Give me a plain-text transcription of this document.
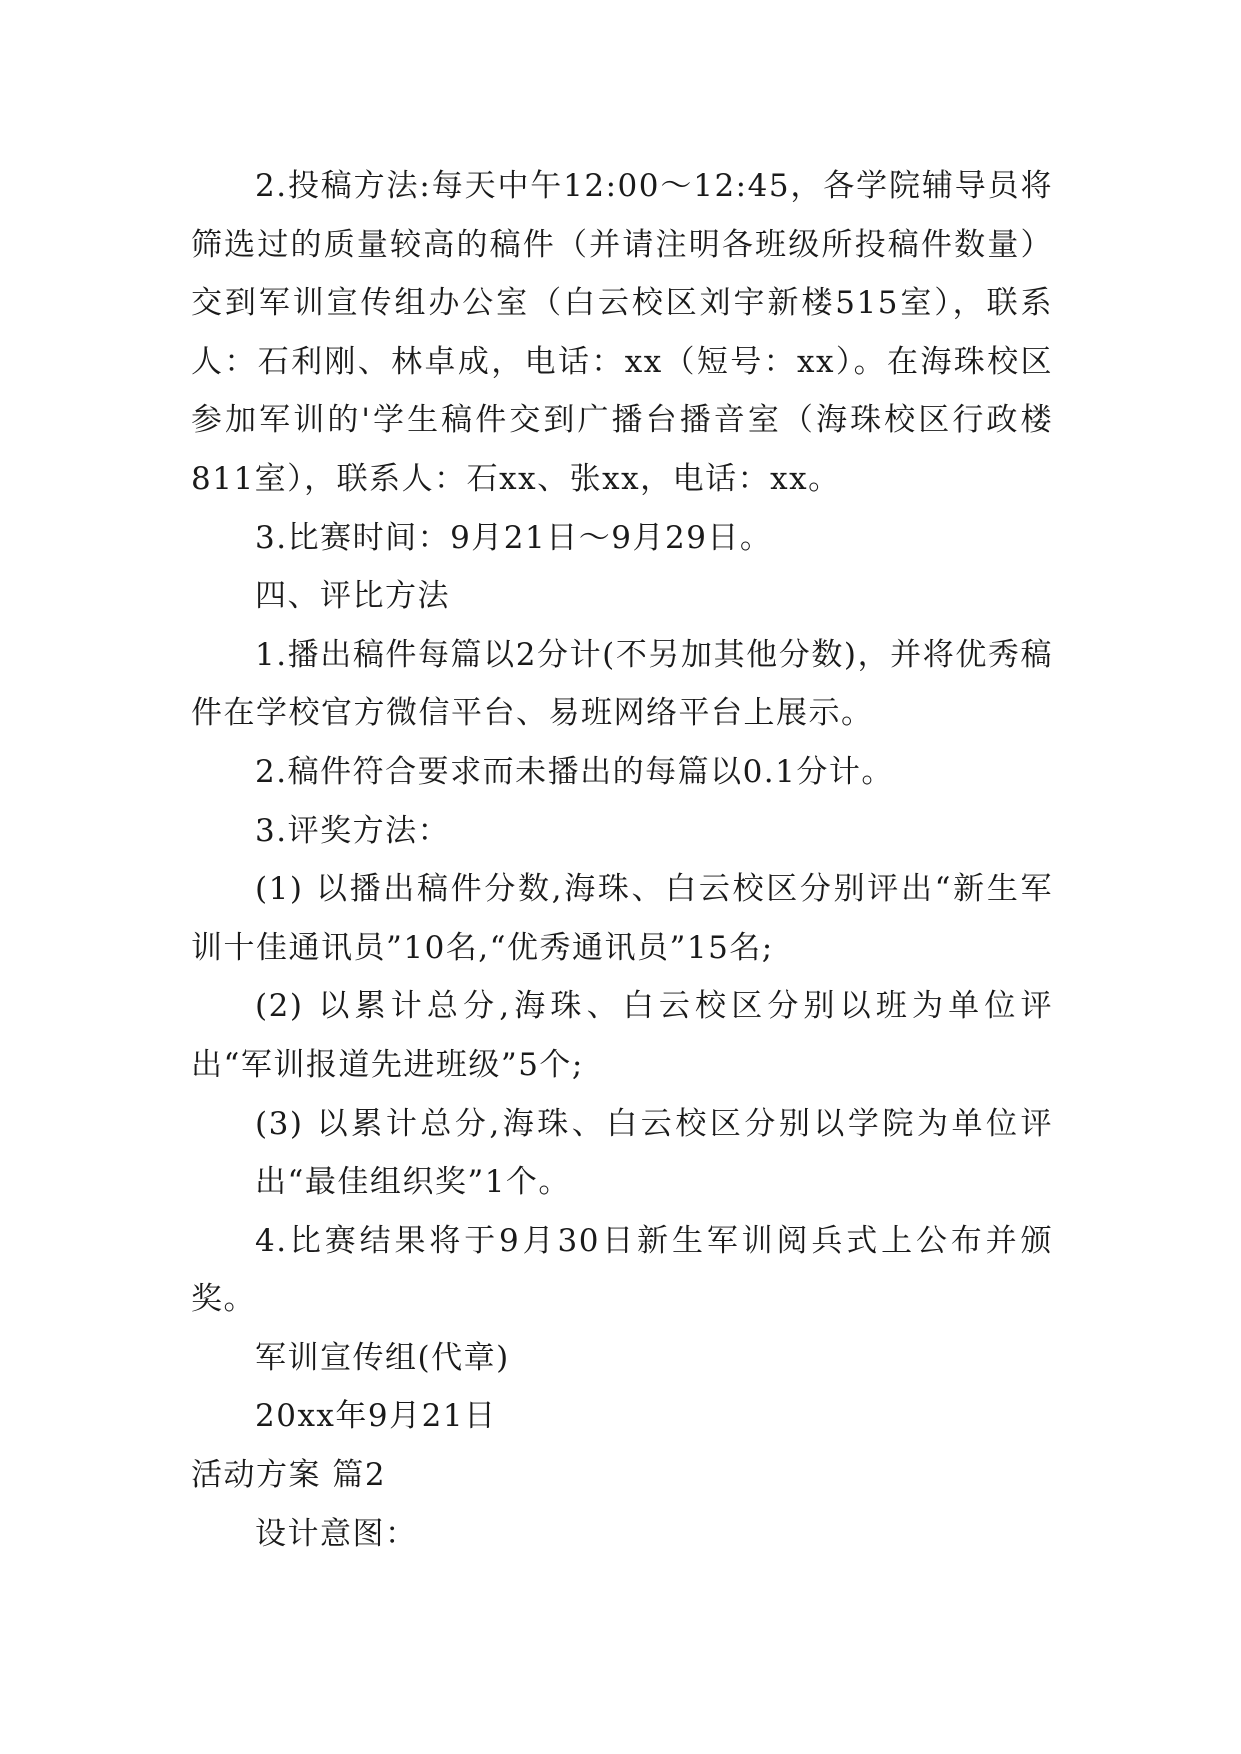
2.投稿方法:每天中午12:00～12:45，各学院辅导员将筛选过的质量较高的稿件（并请注明各班级所投稿件数量）交到军训宣传组办公室（白云校区刘宇新楼515室），联系人：石利刚、林卓成，电话：xx（短号：xx）。在海珠校区参加军训的'学生稿件交到广播台播音室（海珠校区行政楼811室），联系人：石xx、张xx，电话：xx。

3.比赛时间：9月21日～9月29日。

四、评比方法

1.播出稿件每篇以2分计(不另加其他分数)，并将优秀稿件在学校官方微信平台、易班网络平台上展示。

2.稿件符合要求而未播出的每篇以0.1分计。

3.评奖方法：

(1) 以播出稿件分数,海珠、白云校区分别评出“新生军训十佳通讯员”10名,“优秀通讯员”15名;

(2) 以累计总分,海珠、白云校区分别以班为单位评出“军训报道先进班级”5个;

(3) 以累计总分,海珠、白云校区分别以学院为单位评出“最佳组织奖”1个。

4.比赛结果将于9月30日新生军训阅兵式上公布并颁奖。

军训宣传组(代章)

20xx年9月21日

活动方案 篇2

设计意图：
